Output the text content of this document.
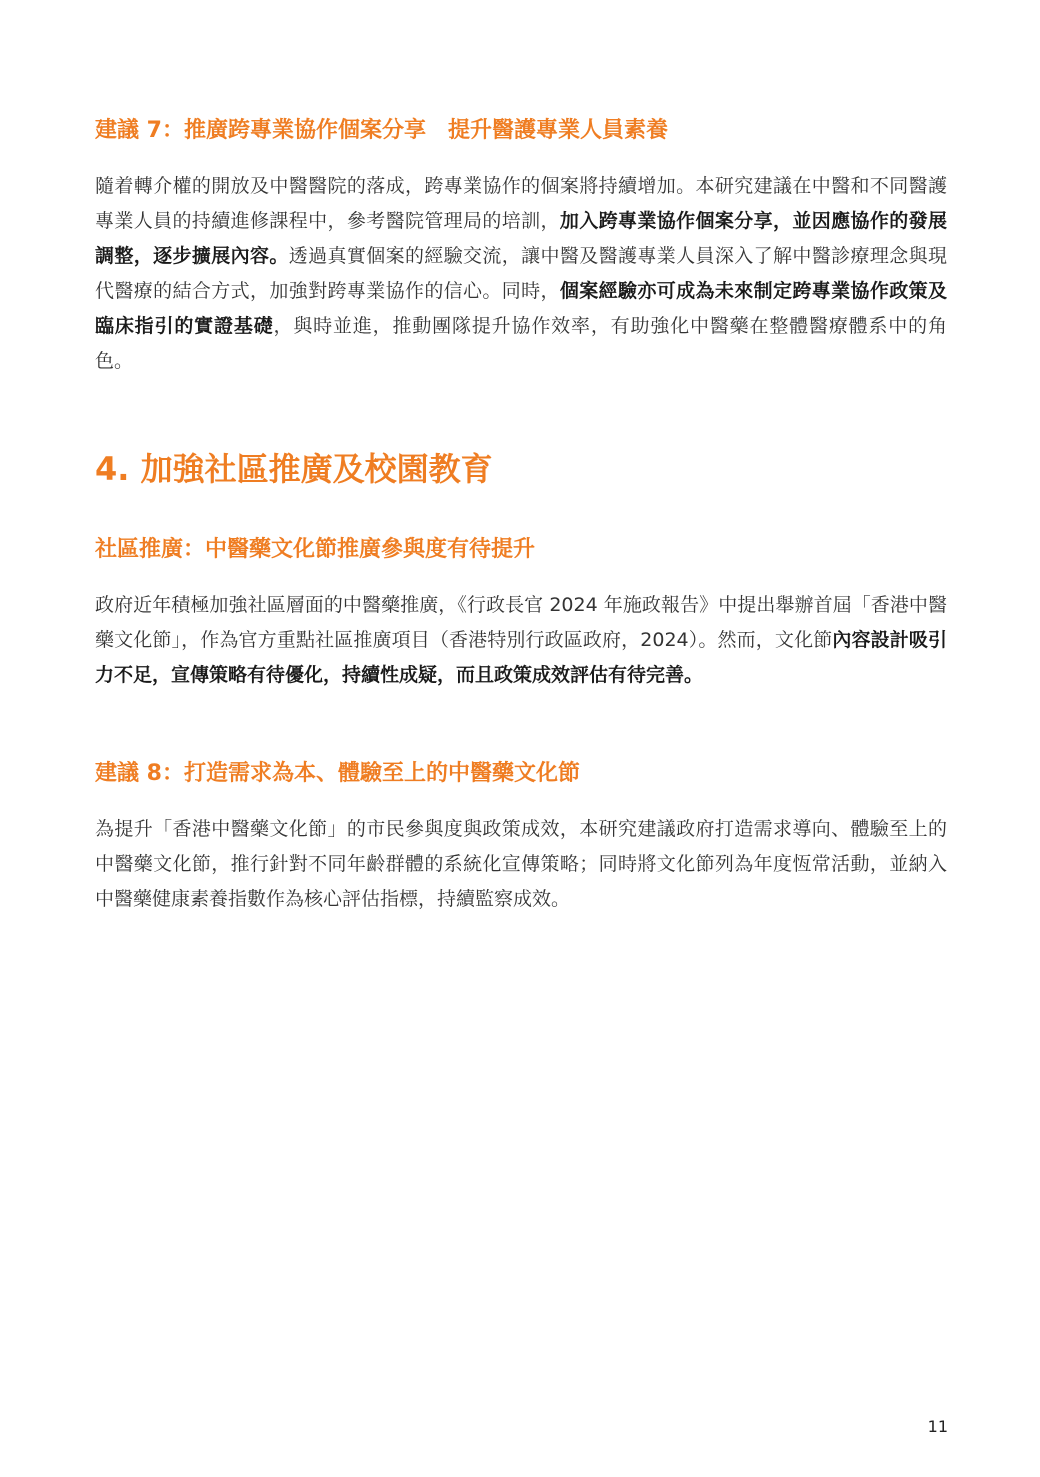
建議 7：推廣跨專業協作個案分享　提升醫護專業人員素養

隨着轉介權的開放及中醫醫院的落成，跨專業協作的個案將持續增加。本研究建議在中醫和不同醫護專業人員的持續進修課程中，參考醫院管理局的培訓，加入跨專業協作個案分享，並因應協作的發展調整，逐步擴展內容。透過真實個案的經驗交流，讓中醫及醫護專業人員深入了解中醫診療理念與現代醫療的結合方式，加強對跨專業協作的信心。同時，個案經驗亦可成為未來制定跨專業協作政策及臨床指引的實證基礎，與時並進，推動團隊提升協作效率，有助強化中醫藥在整體醫療體系中的角色。

4. 加強社區推廣及校園教育
社區推廣：中醫藥文化節推廣參與度有待提升

政府近年積極加強社區層面的中醫藥推廣，《行政長官 2024 年施政報告》中提出舉辦首屆「香港中醫藥文化節」，作為官方重點社區推廣項目（香港特別行政區政府，2024）。然而，文化節內容設計吸引力不足，宣傳策略有待優化，持續性成疑，而且政策成效評估有待完善。

建議 8：打造需求為本、體驗至上的中醫藥文化節

為提升「香港中醫藥文化節」的市民參與度與政策成效，本研究建議政府打造需求導向、體驗至上的中醫藥文化節，推行針對不同年齡群體的系統化宣傳策略；同時將文化節列為年度恆常活動，並納入中醫藥健康素養指數作為核心評估指標，持續監察成效。

11
